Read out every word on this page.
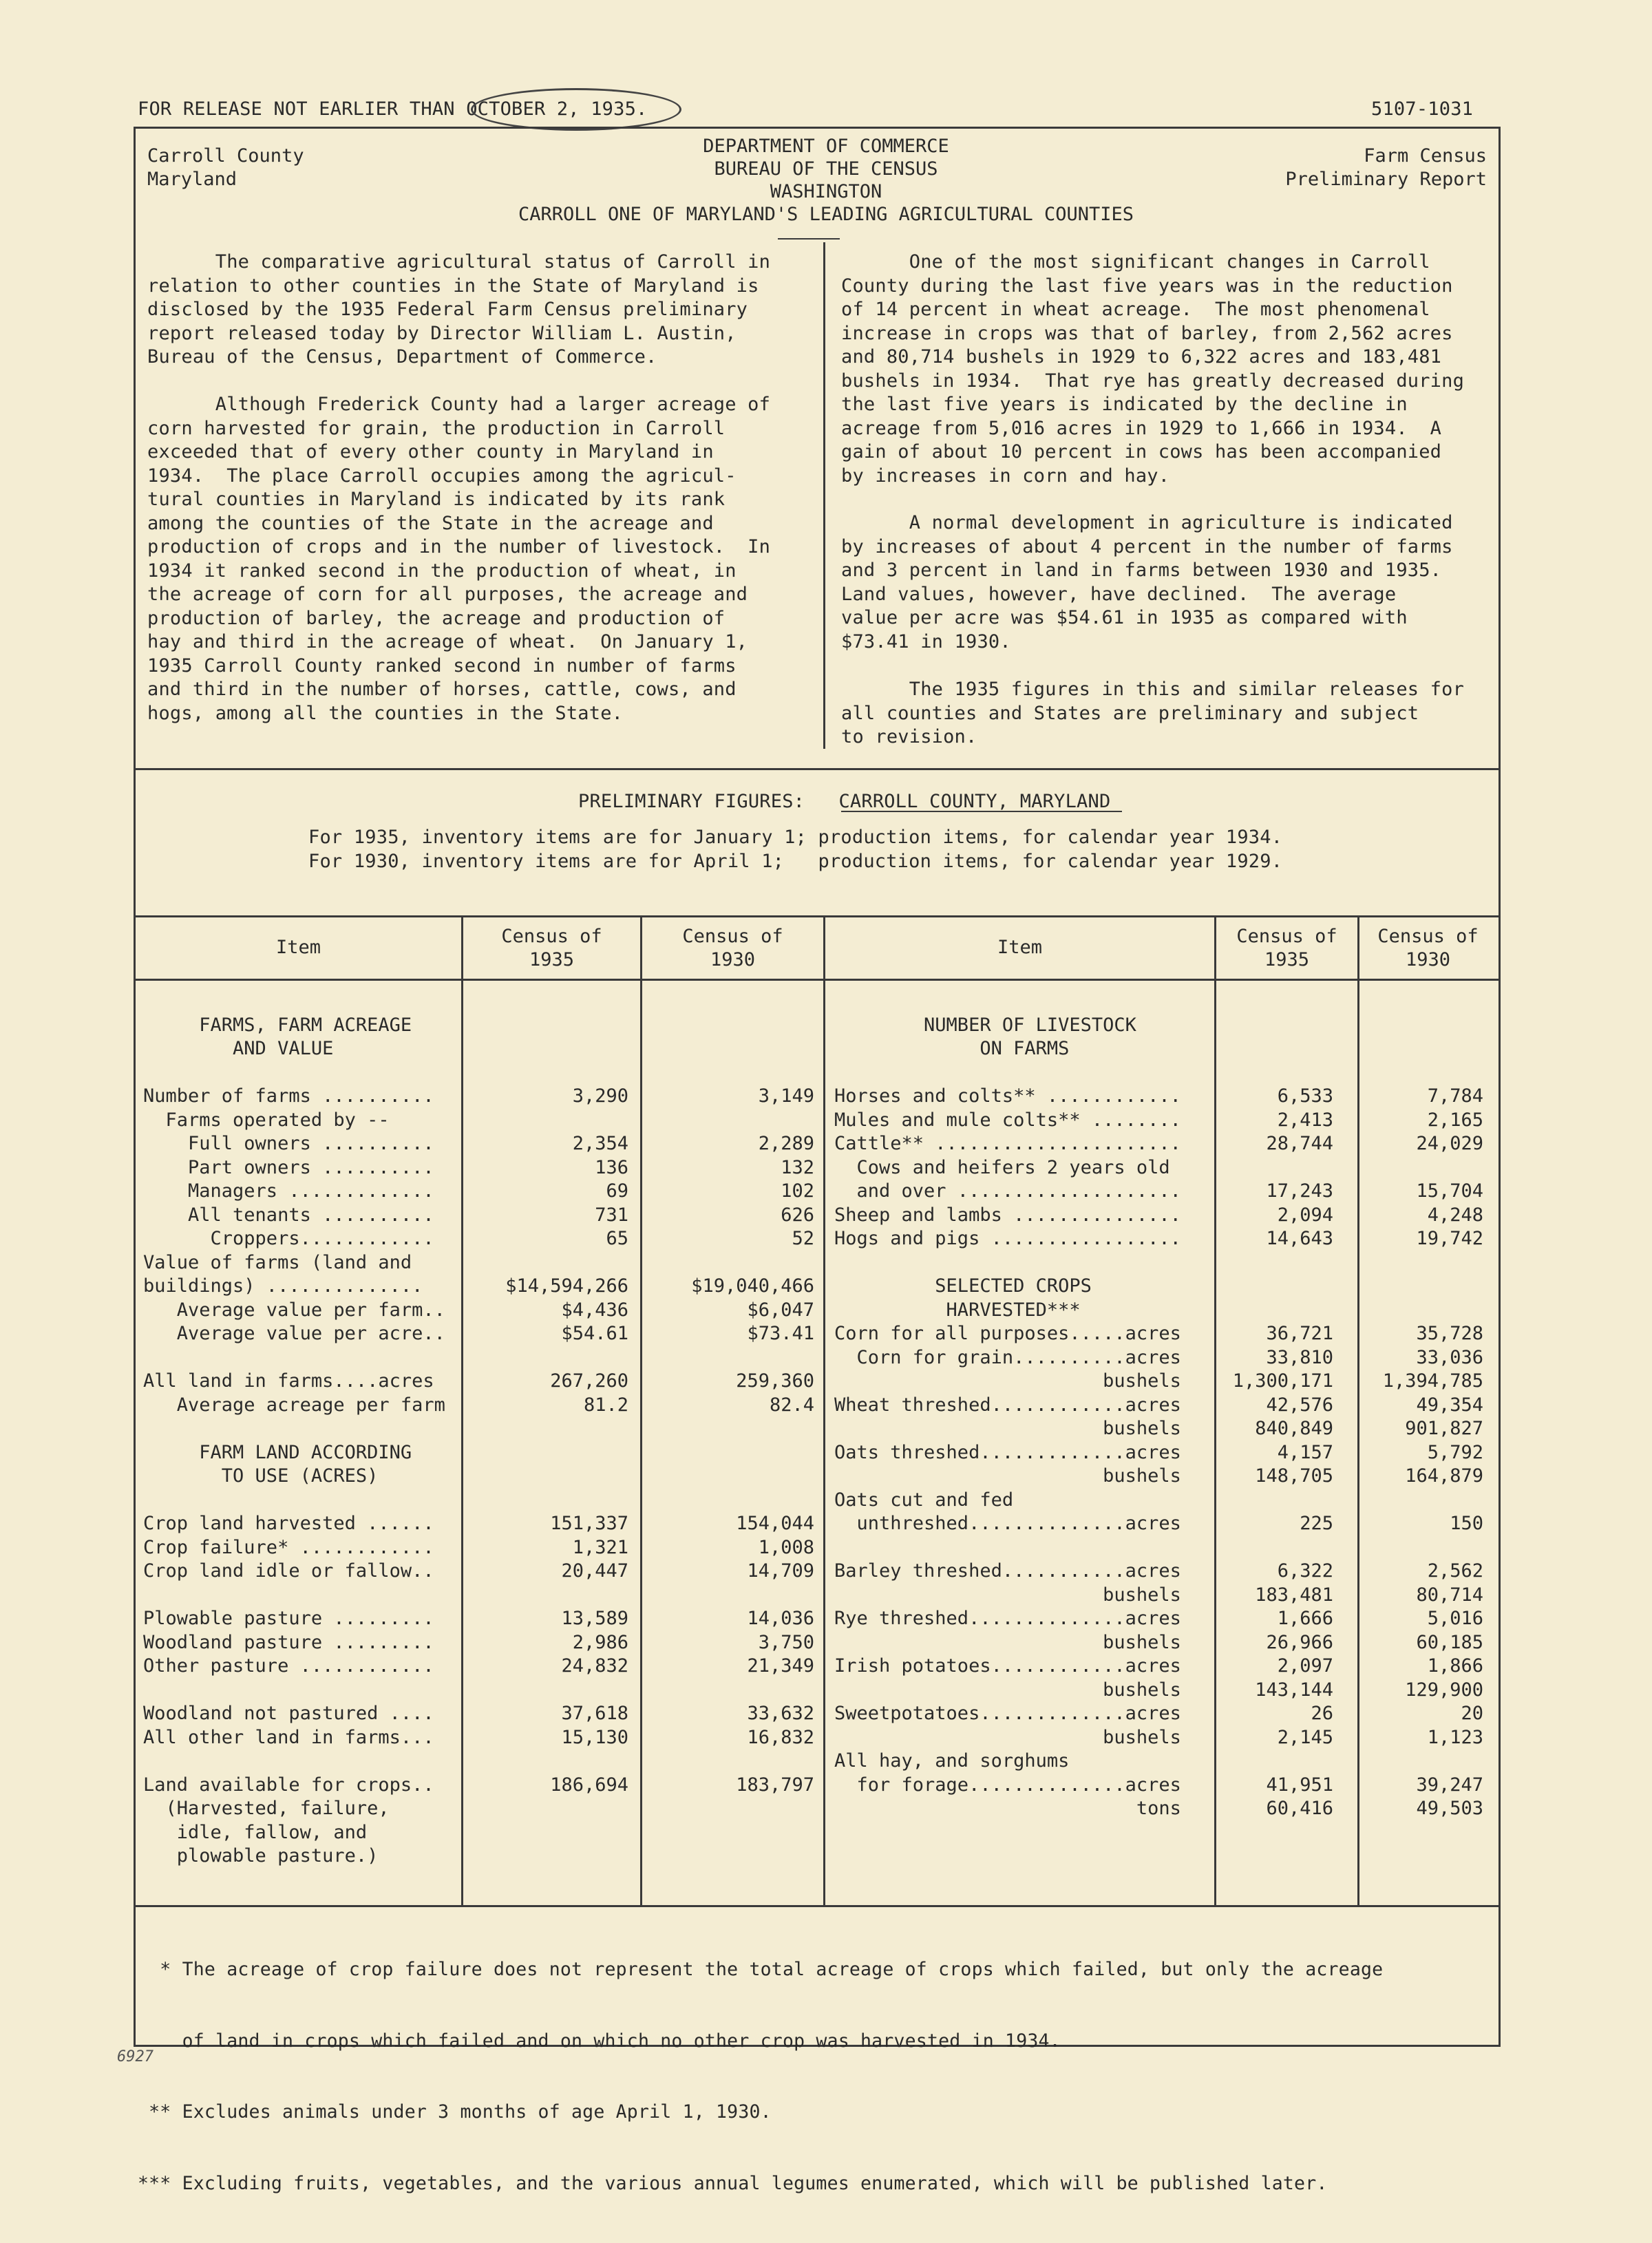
FOR RELEASE NOT EARLIER THAN OCTOBER 2, 1935.	5107-1031
Carroll County
Maryland
DEPARTMENT OF COMMERCE
BUREAU OF THE CENSUS
WASHINGTON
CARROLL ONE OF MARYLAND'S LEADING AGRICULTURAL COUNTIES
Farm Census
Preliminary Report
The comparative agricultural status of Carroll in
relation to other counties in the State of Maryland is
disclosed by the 1935 Federal Farm Census preliminary
report released today by Director William L. Austin,
Bureau of the Census, Department of Commerce.
Although Frederick County had a larger acreage of
corn harvested for grain, the production in Carroll
exceeded that of every other county in Maryland in
1934.  The place Carroll occupies among the agricul-
tural counties in Maryland is indicated by its rank
among the counties of the State in the acreage and
production of crops and in the number of livestock.  In
1934 it ranked second in the production of wheat, in
the acreage of corn for all purposes, the acreage and
production of barley, the acreage and production of
hay and third in the acreage of wheat.  On January 1,
1935 Carroll County ranked second in number of farms
and third in the number of horses, cattle, cows, and
hogs, among all the counties in the State.
One of the most significant changes in Carroll
County during the last five years was in the reduction
of 14 percent in wheat acreage.  The most phenomenal
increase in crops was that of barley, from 2,562 acres
and 80,714 bushels in 1929 to 6,322 acres and 183,481
bushels in 1934.  That rye has greatly decreased during
the last five years is indicated by the decline in
acreage from 5,016 acres in 1929 to 1,666 in 1934.  A
gain of about 10 percent in cows has been accompanied
by increases in corn and hay.
A normal development in agriculture is indicated
by increases of about 4 percent in the number of farms
and 3 percent in land in farms between 1930 and 1935.
Land values, however, have declined.  The average
value per acre was $54.61 in 1935 as compared with
$73.41 in 1930.
The 1935 figures in this and similar releases for
all counties and States are preliminary and subject
to revision.
PRELIMINARY FIGURES:   CARROLL COUNTY, MARYLAND
For 1935, inventory items are for January 1; production items, for calendar year 1934.
For 1930, inventory items are for April 1;   production items, for calendar year 1929.
Item
Census of
1935
Census of
1930
Item
Census of
1935
Census of
1930
FARMS, FARM ACREAGE
AND VALUE
Number of farms ..........
Farms operated by --
Full owners ..........
Part owners ..........
Managers .............
All tenants ..........
Croppers............
Value of farms (land and
buildings) ..............
Average value per farm..
Average value per acre..
All land in farms....acres
Average acreage per farm
FARM LAND ACCORDING
TO USE (ACRES)
Crop land harvested ......
Crop failure* ............
Crop land idle or fallow..
Plowable pasture .........
Woodland pasture .........
Other pasture ............
Woodland not pastured ....
All other land in farms...
Land available for crops..
(Harvested, failure,
idle, fallow, and
plowable pasture.)
3,290
2,354
136
69
731
65
$14,594,266
$4,436
$54.61
267,260
81.2
151,337
1,321
20,447
13,589
2,986
24,832
37,618
15,130
186,694
3,149
2,289
132
102
626
52
$19,040,466
$6,047
$73.41
259,360
82.4
154,044
1,008
14,709
14,036
3,750
21,349
33,632
16,832
183,797
NUMBER OF LIVESTOCK
ON FARMS
Horses and colts** ............
Mules and mule colts** ........
Cattle** ......................
Cows and heifers 2 years old
and over ....................
Sheep and lambs ...............
Hogs and pigs .................
SELECTED CROPS
HARVESTED***
Corn for all purposes.....acres
Corn for grain..........acres
bushels
Wheat threshed............acres
bushels
Oats threshed.............acres
bushels
Oats cut and fed
unthreshed..............acres
Barley threshed...........acres
bushels
Rye threshed..............acres
bushels
Irish potatoes............acres
bushels
Sweetpotatoes.............acres
bushels
All hay, and sorghums
for forage..............acres
tons
6,533
2,413
28,744
17,243
2,094
14,643
36,721
33,810
1,300,171
42,576
840,849
4,157
148,705
225
6,322
183,481
1,666
26,966
2,097
143,144
26
2,145
41,951
60,416
7,784
2,165
24,029
15,704
4,248
19,742
35,728
33,036
1,394,785
49,354
901,827
5,792
164,879
150
2,562
80,714
5,016
60,185
1,866
129,900
20
1,123
39,247
49,503

* The acreage of crop failure does not represent the total acreage of crops which failed, but only the acreage

of land in crops which failed and on which no other crop was harvested in 1934.

** Excludes animals under 3 months of age April 1, 1930.

*** Excluding fruits, vegetables, and the various annual legumes enumerated, which will be published later.

6927
